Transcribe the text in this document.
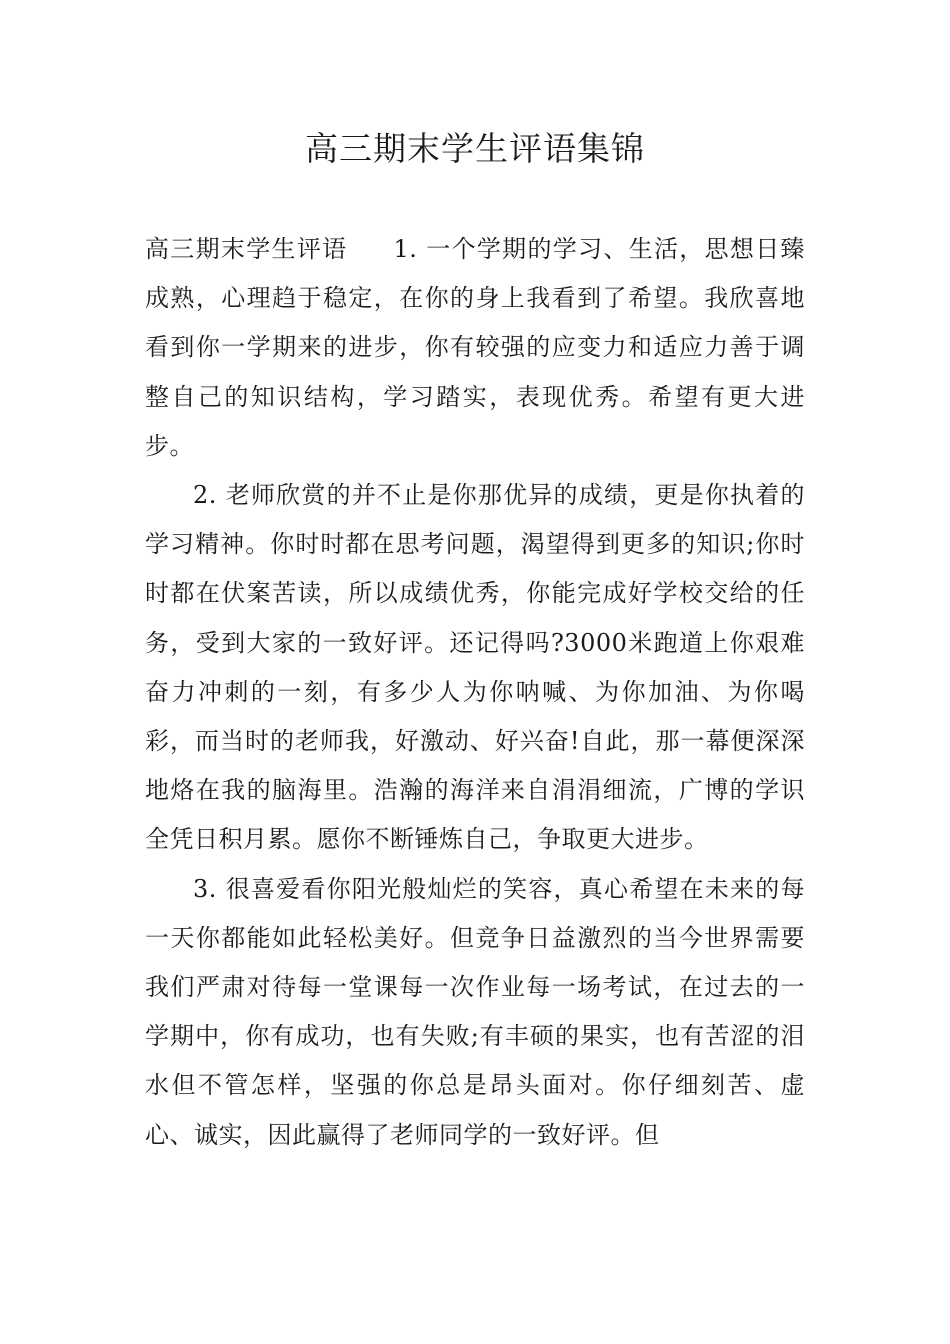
高三期末学生评语集锦

高三期末学生评语 1. 一个学期的学习、生活，思想日臻成熟，心理趋于稳定，在你的身上我看到了希望。我欣喜地看到你一学期来的进步，你有较强的应变力和适应力善于调整自己的知识结构，学习踏实，表现优秀。希望有更大进步。

2. 老师欣赏的并不止是你那优异的成绩，更是你执着的学习精神。你时时都在思考问题，渴望得到更多的知识;你时时都在伏案苦读，所以成绩优秀，你能完成好学校交给的任务，受到大家的一致好评。还记得吗?3000米跑道上你艰难奋力冲刺的一刻，有多少人为你呐喊、为你加油、为你喝彩，而当时的老师我，好激动、好兴奋!自此，那一幕便深深地烙在我的脑海里。浩瀚的海洋来自涓涓细流，广博的学识全凭日积月累。愿你不断锤炼自己，争取更大进步。

3. 很喜爱看你阳光般灿烂的笑容，真心希望在未来的每一天你都能如此轻松美好。但竞争日益激烈的当今世界需要我们严肃对待每一堂课每一次作业每一场考试，在过去的一学期中，你有成功，也有失败;有丰硕的果实，也有苦涩的泪水但不管怎样，坚强的你总是昂头面对。你仔细刻苦、虚心、诚实，因此赢得了老师同学的一致好评。但
